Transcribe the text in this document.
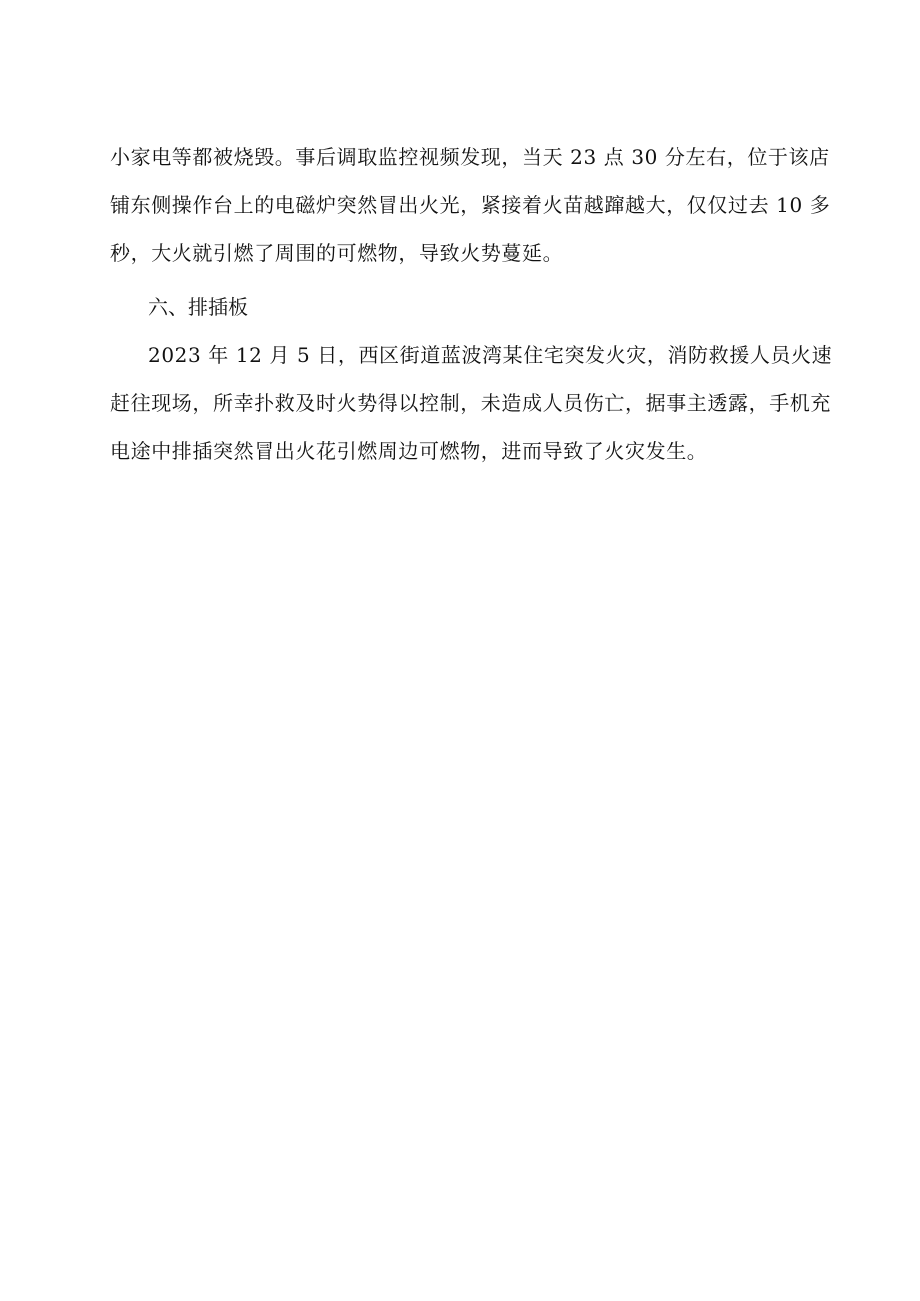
小家电等都被烧毁。事后调取监控视频发现，当天 23 点 30 分左右，位于该店
铺东侧操作台上的电磁炉突然冒出火光，紧接着火苗越蹿越大，仅仅过去 10 多
秒，大火就引燃了周围的可燃物，导致火势蔓延。
六、排插板
2023 年 12 月 5 日，西区街道蓝波湾某住宅突发火灾，消防救援人员火速
赶往现场，所幸扑救及时火势得以控制，未造成人员伤亡，据事主透露，手机充
电途中排插突然冒出火花引燃周边可燃物，进而导致了火灾发生。
